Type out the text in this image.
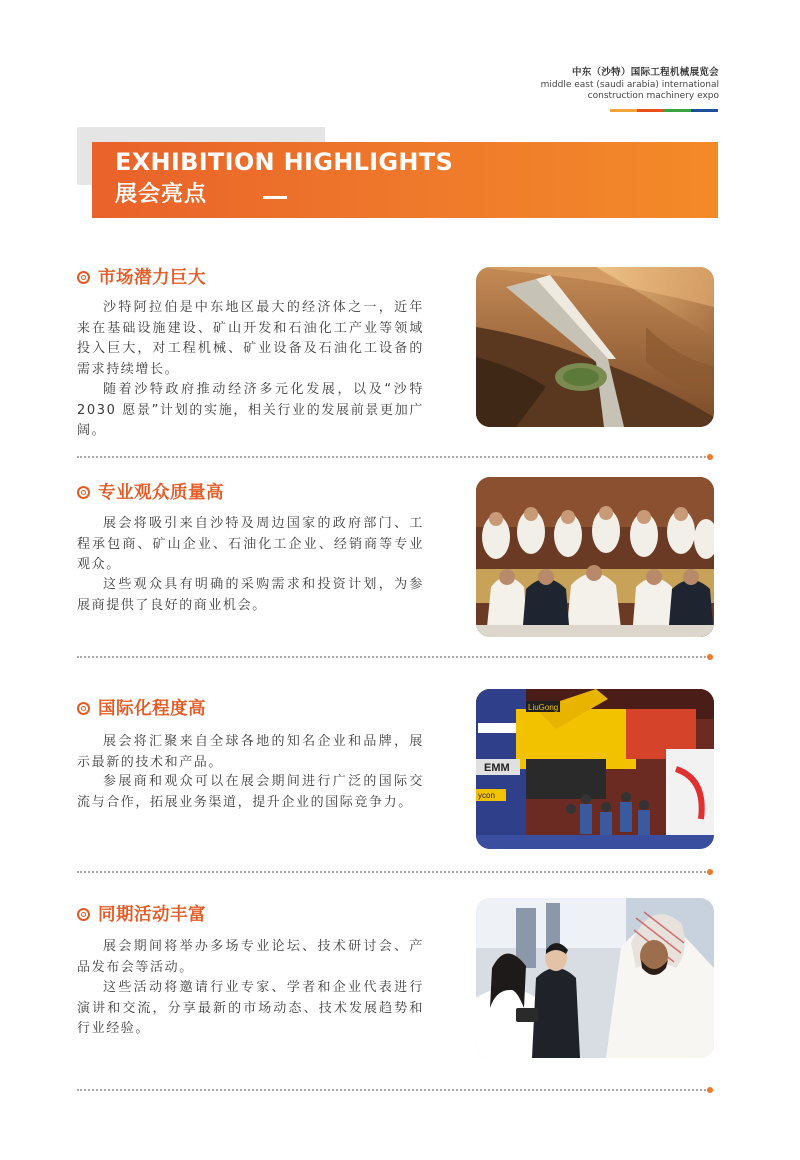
中东（沙特）国际工程机械展览会
middle east (saudi arabia) international
construction machinery expo
EXHIBITION HIGHLIGHTS
展会亮点
市场潜力巨大
沙特阿拉伯是中东地区最大的经济体之一，近年来在基础设施建设、矿山开发和石油化工产业等领域投入巨大，对工程机械、矿业设备及石油化工设备的需求持续增长。
随着沙特政府推动经济多元化发展，以及“沙特2030 愿景”计划的实施，相关行业的发展前景更加广阔。
专业观众质量高
展会将吸引来自沙特及周边国家的政府部门、工程承包商、矿山企业、石油化工企业、经销商等专业观众。
这些观众具有明确的采购需求和投资计划，为参展商提供了良好的商业机会。
国际化程度高
展会将汇聚来自全球各地的知名企业和品牌，展示最新的技术和产品。
参展商和观众可以在展会期间进行广泛的国际交流与合作，拓展业务渠道，提升企业的国际竞争力。
LiuGong
EMM
ycon
同期活动丰富
展会期间将举办多场专业论坛、技术研讨会、产品发布会等活动。
这些活动将邀请行业专家、学者和企业代表进行演讲和交流，分享最新的市场动态、技术发展趋势和行业经验。
